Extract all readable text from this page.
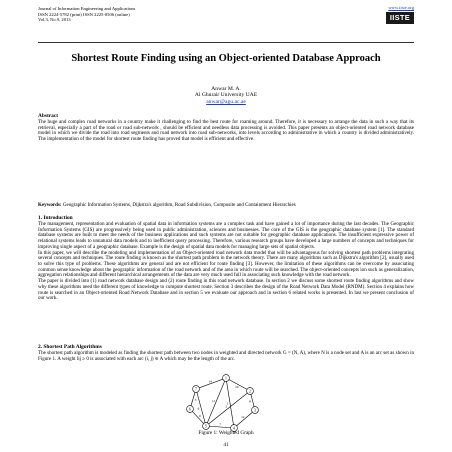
Journal of Information Engineering and Applications
ISSN 2224-5782 (print) ISSN 2225-0506 (online)
Vol.3, No.9, 2013
www.iiste.org
IISTE
Shortest Route Finding using an Object-oriented Database Approach
Anwar M. A.
Al Ghurair University UAE
anwar@agu.ac.ae
Abstract

The huge and complex road networks in a country make it challenging to find the best route for roaming around. Therefore, it is necessary to arrange the data in such a way that its retrieval, especially a part of the road or road sub-network , should be efficient and needless data processing is avoided. This paper presents an object-oriented road network database model in which we divide the road into road segments and road network into road sub-networks, into levels according to administrative in which a country is divided administratively. The implementation of the model for shortest route finding has proved that model is efficient and effective.

Keywords: Geographic Information Systems, Dijkstra's algorithm, Road Subdivision, Composite and Containment Hierarchies
1. Introduction

The management, representation and evaluation of spatial data in information systems are a complex task and have gained a lot of importance during the last decades. The Geographic Information Systems (GIS) are progressively being used in public administration, sciences and businesses. The core of the GIS is the geographic database system [1]. The standard database systems are built to meet the needs of the business applications and such systems are not suitable for geographic database applications. The insufficient expressive power of relational systems leads to unnatural data models and to inefficient query processing. Therefore, various research groups have developed a large numbers of concepts and techniques for improving single aspect of a geographic database. Example is the design of spatial data models for managing large sets of spatial objects.

In this paper, we will describe the modeling and implementation of an Object-oriented road network data model that will be advantageous for solving shortest path problems integrating several concepts and techniques. The route finding is known as the shortest path problem in the network theory. There are many algorithms such as Dijkstra's algorithm [2], usually used to solve this type of problems. These algorithms are general and are not efficient for route finding [3]. However, the limitation of these algorithms can be overcome by associating common sense knowledge about the geographic information of the road network and of the area in which route will be searched. The object-oriented concepts ion such as generalization, aggregation relationships and different hierarchical arrangements of the data are very much used full in associating such knowledge with the road network.

The paper is divided into (1) road network database design and (2) route finding in this road network database. In section 2 we discuss some shortest route finding algorithms and show why these algorithms need the different types of knowledge to compute shortest route. Section 3 describes the design of the Road Network Data Model (RNDM). Section 4 explains how route is searched in an Object-oriented Road Network Database and in section 5 we evaluate our approach and in section 6 related works is presented. In last we present conclusion of our work.

2. Shortest Path Algorithms

The shortest path algorithm is modeled as finding the shortest path between two nodes in weighted and directed network G = (N, A), where N is a node set and A is an arc set as shown in Figure 1. A weight lij ≥ 0 is associated with each arc (i, j) ∈ A which may be the length of the arc.

10
14
8
12
7
9
3	11
2
6
1
1
2
3
4
5
6
7
Figure 1: Weighted Graph
41
